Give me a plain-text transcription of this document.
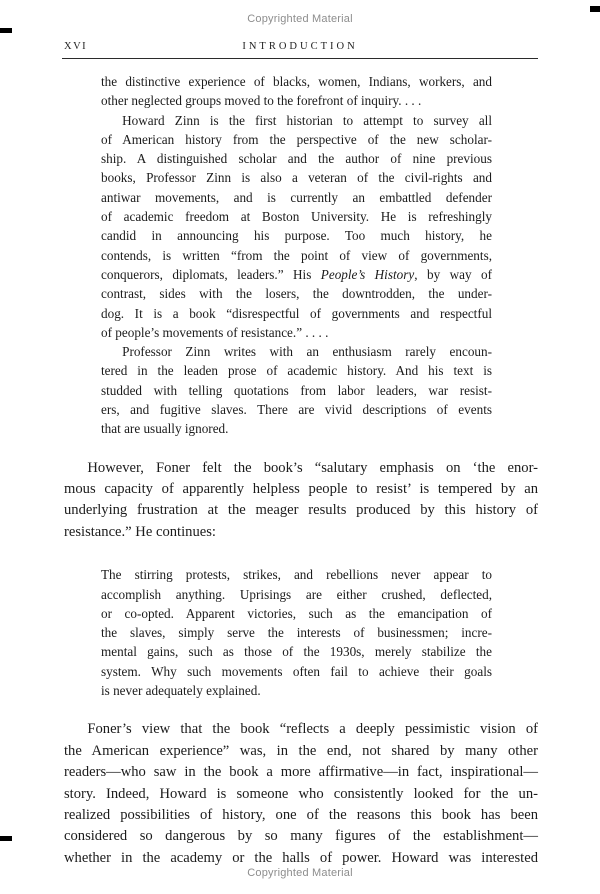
Copyrighted Material
XVI	INTRODUCTION
the distinctive experience of blacks, women, Indians, workers, and
other neglected groups moved to the forefront of inquiry. . . .
Howard Zinn is the first historian to attempt to survey all
of American history from the perspective of the new scholar-
ship. A distinguished scholar and the author of nine previous
books, Professor Zinn is also a veteran of the civil-rights and
antiwar movements, and is currently an embattled defender
of academic freedom at Boston University. He is refreshingly
candid in announcing his purpose. Too much history, he
contends, is written “from the point of view of governments,
conquerors, diplomats, leaders.” His People’s History, by way of
contrast, sides with the losers, the downtrodden, the under-
dog. It is a book “disrespectful of governments and respectful
of people’s movements of resistance.” . . . .
Professor Zinn writes with an enthusiasm rarely encoun-
tered in the leaden prose of academic history. And his text is
studded with telling quotations from labor leaders, war resist-
ers, and fugitive slaves. There are vivid descriptions of events
that are usually ignored.
However, Foner felt the book’s “salutary emphasis on ‘the enor-
mous capacity of apparently helpless people to resist’ is tempered by an
underlying frustration at the meager results produced by this history of
resistance.” He continues:
The stirring protests, strikes, and rebellions never appear to
accomplish anything. Uprisings are either crushed, deflected,
or co-opted. Apparent victories, such as the emancipation of
the slaves, simply serve the interests of businessmen; incre-
mental gains, such as those of the 1930s, merely stabilize the
system. Why such movements often fail to achieve their goals
is never adequately explained.
Foner’s view that the book “reflects a deeply pessimistic vision of
the American experience” was, in the end, not shared by many other
readers—who saw in the book a more affirmative—in fact, inspirational—
story. Indeed, Howard is someone who consistently looked for the un-
realized possibilities of history, one of the reasons this book has been
considered so dangerous by so many figures of the establishment—
whether in the academy or the halls of power. Howard was interested
Copyrighted Material
